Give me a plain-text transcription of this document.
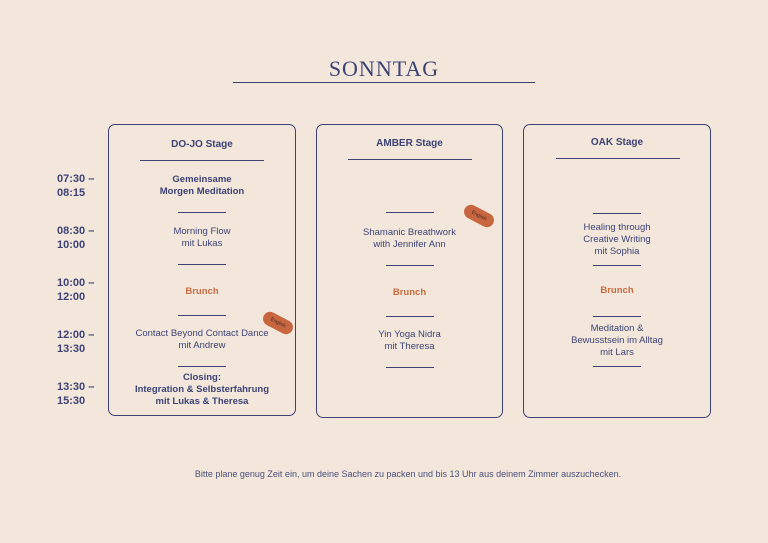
SONNTAG
07:30 –
08:15
08:30 –
10:00
10:00 –
12:00
12:00 –
13:30
13:30 –
15:30
DO-JO Stage
Gemeinsame
Morgen Meditation
Morning Flow
mit Lukas
Brunch
Contact Beyond Contact Dance
mit Andrew
English
Closing:
Integration & Selbsterfahrung
mit Lukas & Theresa
AMBER Stage
English
Shamanic Breathwork
with Jennifer Ann
Brunch
Yin Yoga Nidra
mit Theresa
OAK Stage
Healing through
Creative Writing
mit Sophia
Brunch
Meditation &
Bewusstsein im Alltag
mit Lars
Bitte plane genug Zeit ein, um deine Sachen zu packen und bis 13 Uhr aus deinem Zimmer auszuchecken.
